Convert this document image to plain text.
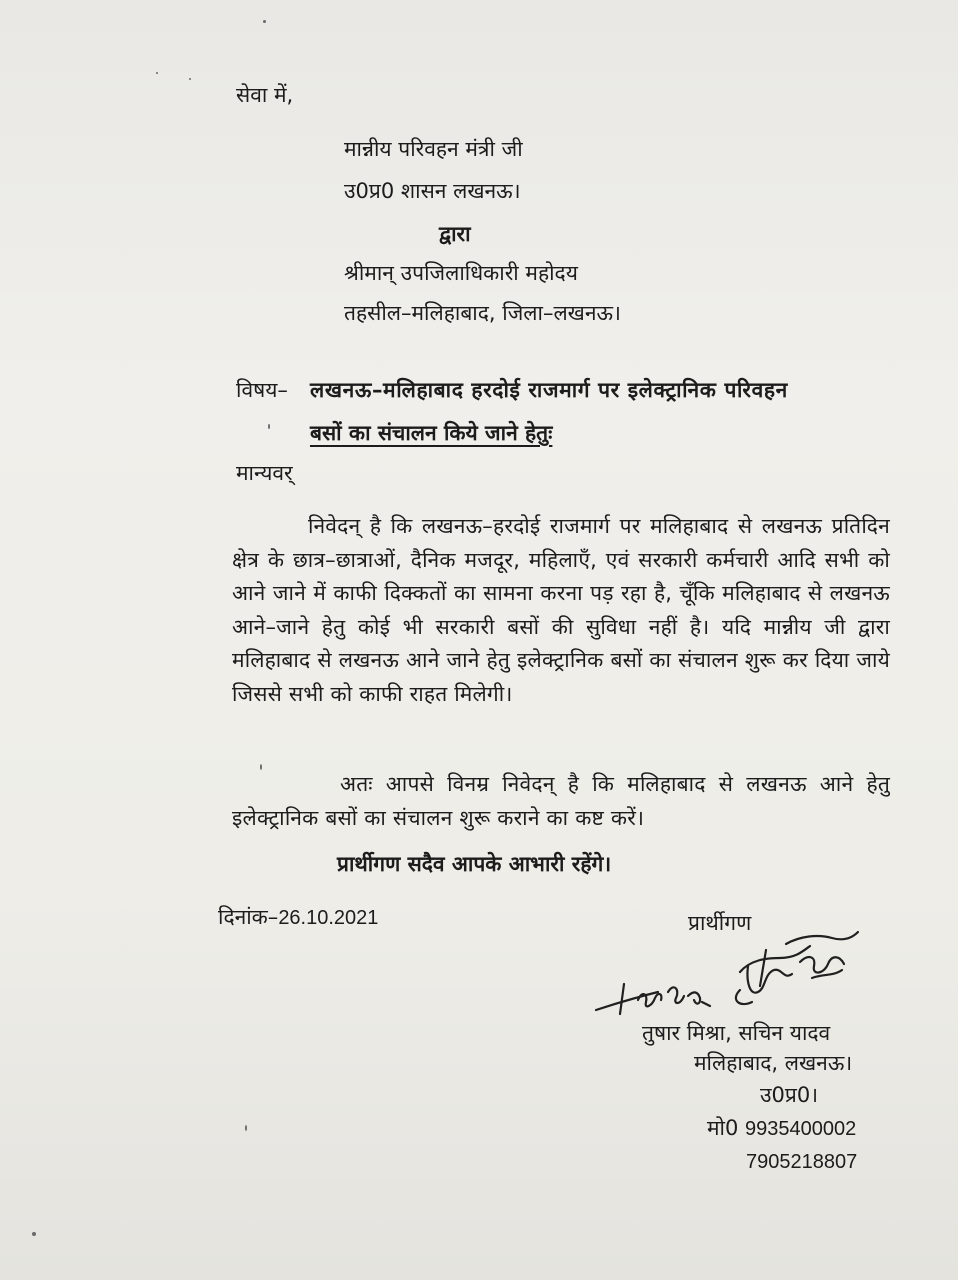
सेवा में,
मान्नीय परिवहन मंत्री जी
उ0प्र0 शासन लखनऊ।
द्वारा
श्रीमान् उपजिलाधिकारी महोदय
तहसील–मलिहाबाद, जिला–लखनऊ।
विषय– लखनऊ–मलिहाबाद हरदोई राजमार्ग पर इलेक्ट्रानिक परिवहन
बसों का संचालन किये जाने हेतुः
मान्यवर्
निवेदन् है कि लखनऊ–हरदोई राजमार्ग पर मलिहाबाद से लखनऊ प्रतिदिन क्षेत्र के छात्र–छात्राओं, दैनिक मजदूर, महिलाएँ, एवं सरकारी कर्मचारी आदि सभी को आने जाने में काफी दिक्कतों का सामना करना पड़ रहा है, चूँकि मलिहाबाद से लखनऊ आने–जाने हेतु कोई भी सरकारी बसों की सुविधा नहीं है। यदि मान्नीय जी द्वारा मलिहाबाद से लखनऊ आने जाने हेतु इलेक्ट्रानिक बसों का संचालन शुरू कर दिया जाये जिससे सभी को काफी राहत मिलेगी।
अतः आपसे विनम्र निवेदन् है कि मलिहाबाद से लखनऊ आने हेतु इलेक्ट्रानिक बसों का संचालन शुरू कराने का कष्ट करें।
प्रार्थीगण सदैव आपके आभारी रहेंगे।
दिनांक–26.10.2021	प्रार्थीगण
तुषार मिश्रा, सचिन यादव
मलिहाबाद, लखनऊ।
उ0प्र0।
मो0 9935400002
7905218807
